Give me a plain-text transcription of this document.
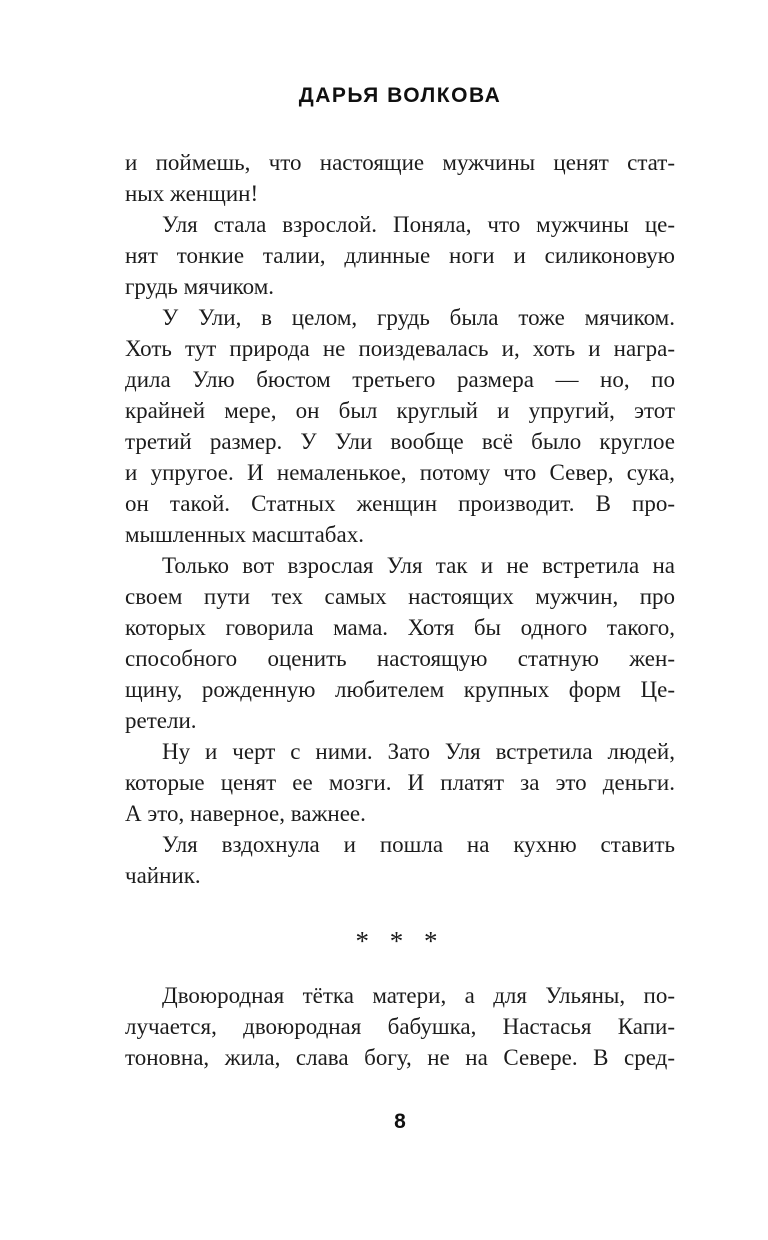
ДАРЬЯ ВОЛКОВА
и поймешь, что настоящие мужчины ценят стат-
ных женщин!
Уля стала взрослой. Поняла, что мужчины це-
нят тонкие талии, длинные ноги и силиконовую
грудь мячиком.
У Ули, в целом, грудь была тоже мячиком.
Хоть тут природа не поиздевалась и, хоть и награ-
дила Улю бюстом третьего размера — но, по
крайней мере, он был круглый и упругий, этот
третий размер. У Ули вообще всё было круглое
и упругое. И немаленькое, потому что Север, сука,
он такой. Статных женщин производит. В про-
мышленных масштабах.
Только вот взрослая Уля так и не встретила на
своем пути тех самых настоящих мужчин, про
которых говорила мама. Хотя бы одного такого,
способного оценить настоящую статную жен-
щину, рожденную любителем крупных форм Це-
ретели.
Ну и черт с ними. Зато Уля встретила людей,
которые ценят ее мозги. И платят за это деньги.
А это, наверное, важнее.
Уля вздохнула и пошла на кухню ставить
чайник.
* * *
Двоюродная тётка матери, а для Ульяны, по-
лучается, двоюродная бабушка, Настасья Капи-
тоновна, жила, слава богу, не на Севере. В сред-
8
